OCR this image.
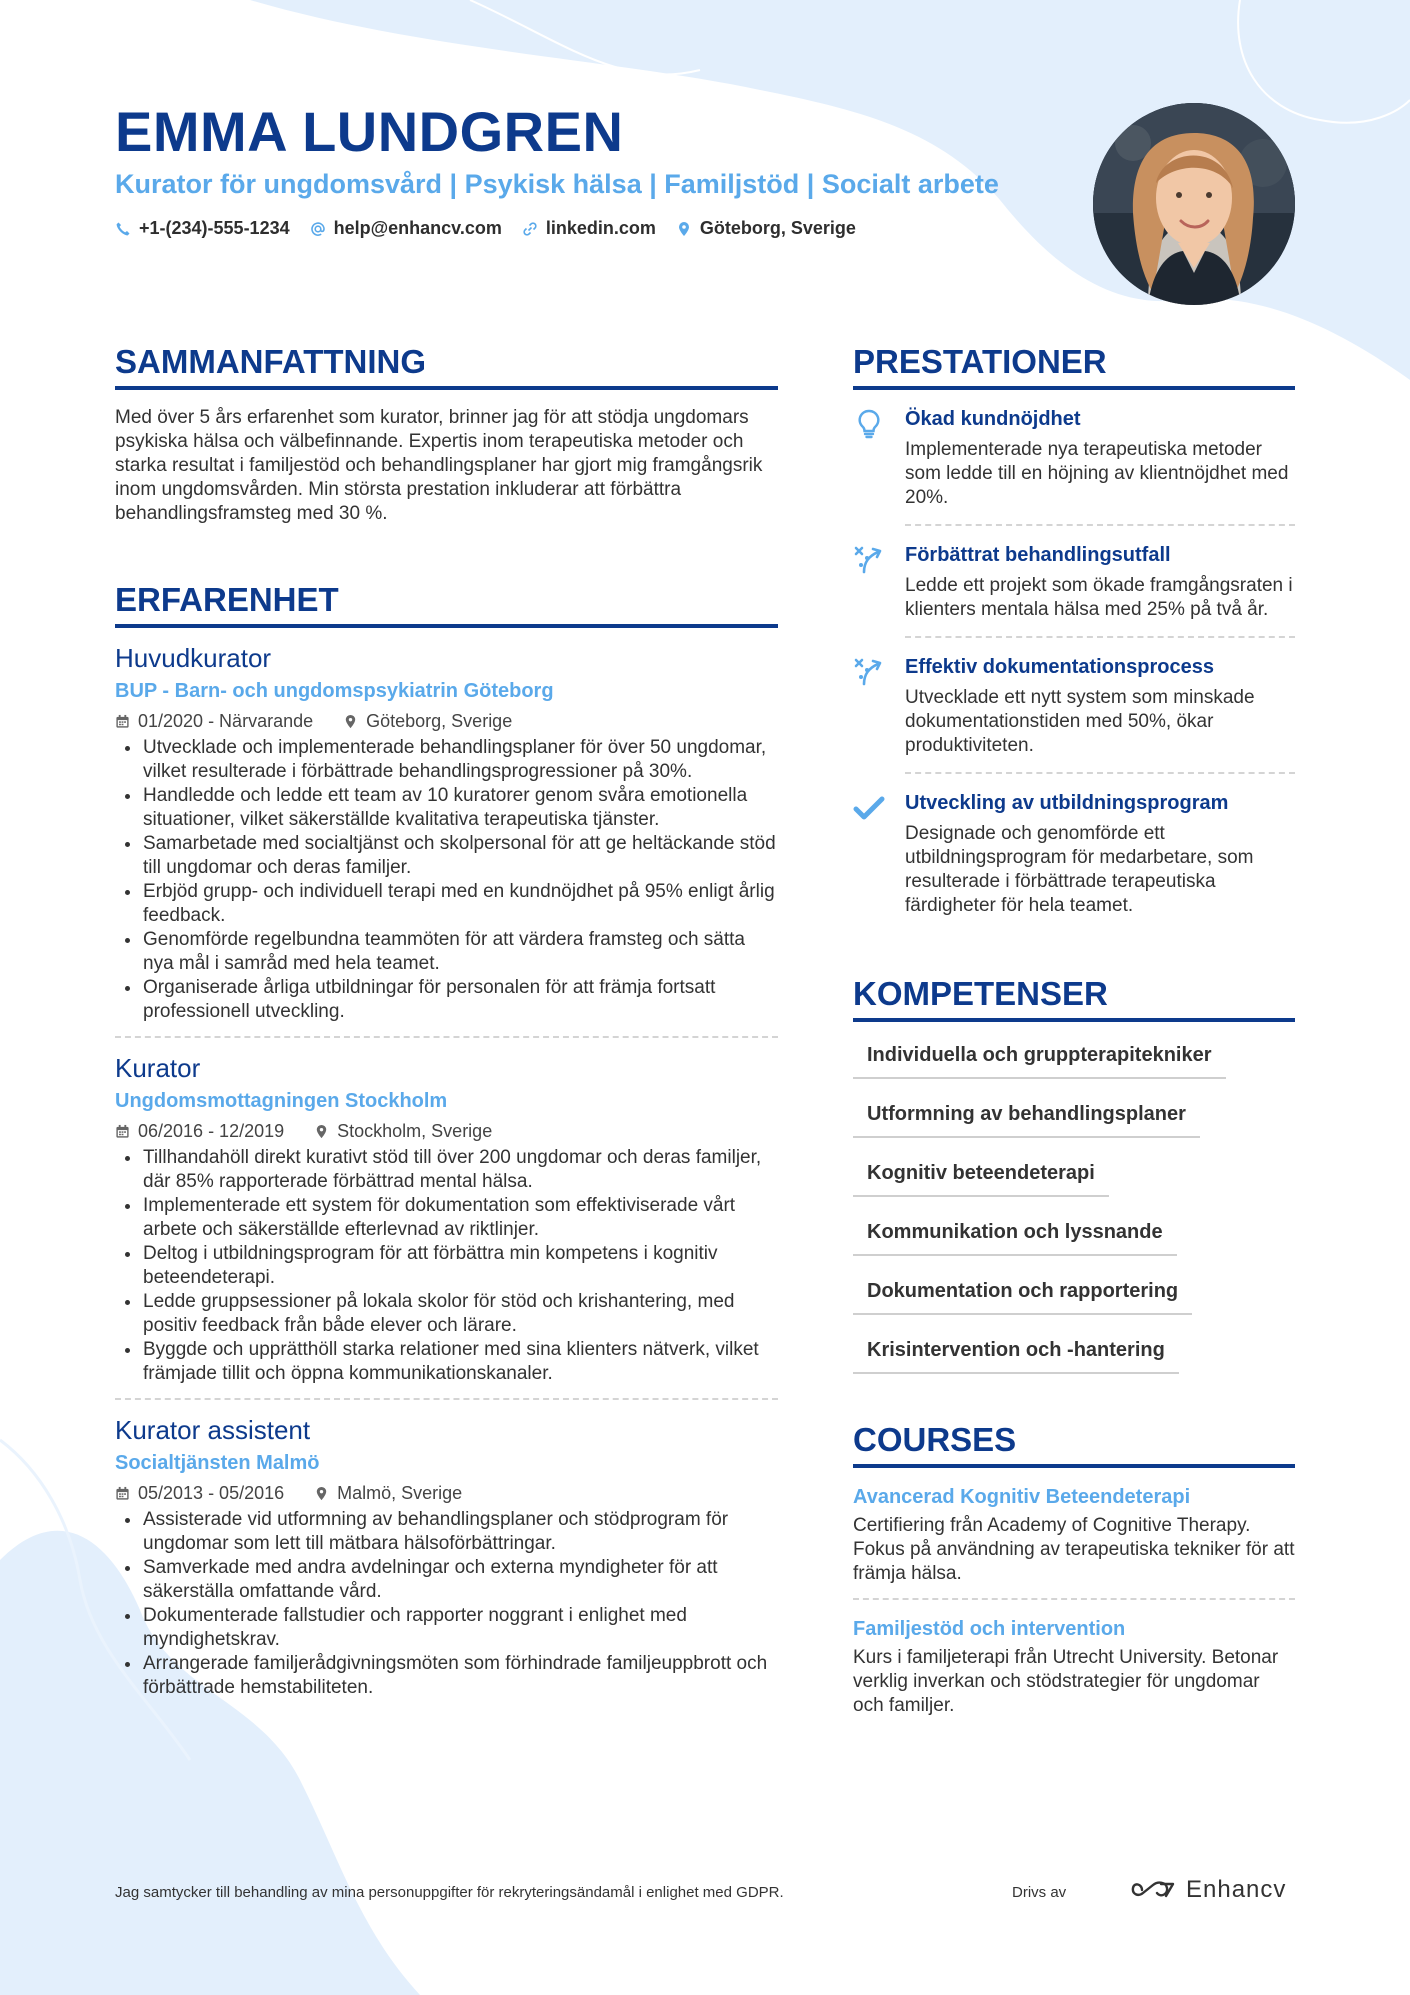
EMMA LUNDGREN
Kurator för ungdomsvård | Psykisk hälsa | Familjstöd | Socialt arbete
+1-(234)-555-1234 help@enhancv.com linkedin.com Göteborg, Sverige
SAMMANFATTNING

Med över 5 års erfarenhet som kurator, brinner jag för att stödja ungdomars psykiska hälsa och välbefinnande. Expertis inom terapeutiska metoder och starka resultat i familjestöd och behandlingsplaner har gjort mig framgångsrik inom ungdomsvården. Min största prestation inkluderar att förbättra behandlingsframsteg med 30 %.

ERFARENHET
Huvudkurator
BUP - Barn- och ungdomspsykiatrin Göteborg
01/2020 - Närvarande	Göteborg, Sverige
Utvecklade och implementerade behandlingsplaner för över 50 ungdomar, vilket resulterade i förbättrade behandlingsprogressioner på 30%.
Handledde och ledde ett team av 10 kuratorer genom svåra emotionella situationer, vilket säkerställde kvalitativa terapeutiska tjänster.
Samarbetade med socialtjänst och skolpersonal för att ge heltäckande stöd till ungdomar och deras familjer.
Erbjöd grupp- och individuell terapi med en kundnöjdhet på 95% enligt årlig feedback.
Genomförde regelbundna teammöten för att värdera framsteg och sätta nya mål i samråd med hela teamet.
Organiserade årliga utbildningar för personalen för att främja fortsatt professionell utveckling.
Kurator
Ungdomsmottagningen Stockholm
06/2016 - 12/2019	Stockholm, Sverige
Tillhandahöll direkt kurativt stöd till över 200 ungdomar och deras familjer, där 85% rapporterade förbättrad mental hälsa.
Implementerade ett system för dokumentation som effektiviserade vårt arbete och säkerställde efterlevnad av riktlinjer.
Deltog i utbildningsprogram för att förbättra min kompetens i kognitiv beteendeterapi.
Ledde gruppsessioner på lokala skolor för stöd och krishantering, med positiv feedback från både elever och lärare.
Byggde och upprätthöll starka relationer med sina klienters nätverk, vilket främjade tillit och öppna kommunikationskanaler.
Kurator assistent
Socialtjänsten Malmö
05/2013 - 05/2016	Malmö, Sverige
Assisterade vid utformning av behandlingsplaner och stödprogram för ungdomar som lett till mätbara hälsoförbättringar.
Samverkade med andra avdelningar och externa myndigheter för att säkerställa omfattande vård.
Dokumenterade fallstudier och rapporter noggrant i enlighet med myndighetskrav.
Arrangerade familjerådgivningsmöten som förhindrade familjeuppbrott och förbättrade hemstabiliteten.
PRESTATIONER
Ökad kundnöjdhet
Implementerade nya terapeutiska metoder som ledde till en höjning av klientnöjdhet med 20%.
Förbättrat behandlingsutfall
Ledde ett projekt som ökade framgångsraten i klienters mentala hälsa med 25% på två år.
Effektiv dokumentationsprocess
Utvecklade ett nytt system som minskade dokumentationstiden med 50%, ökar produktiviteten.
Utveckling av utbildningsprogram
Designade och genomförde ett utbildningsprogram för medarbetare, som resulterade i förbättrade terapeutiska färdigheter för hela teamet.
KOMPETENSER
Individuella och gruppterapitekniker
Utformning av behandlingsplaner
Kognitiv beteendeterapi
Kommunikation och lyssnande
Dokumentation och rapportering
Krisintervention och -hantering
COURSES
Avancerad Kognitiv Beteendeterapi
Certifiering från Academy of Cognitive Therapy. Fokus på användning av terapeutiska tekniker för att främja hälsa.
Familjestöd och intervention
Kurs i familjeterapi från Utrecht University. Betonar verklig inverkan och stödstrategier för ungdomar och familjer.
Jag samtycker till behandling av mina personuppgifter för rekryteringsändamål i enlighet med GDPR.	Drivs av	Enhancv
